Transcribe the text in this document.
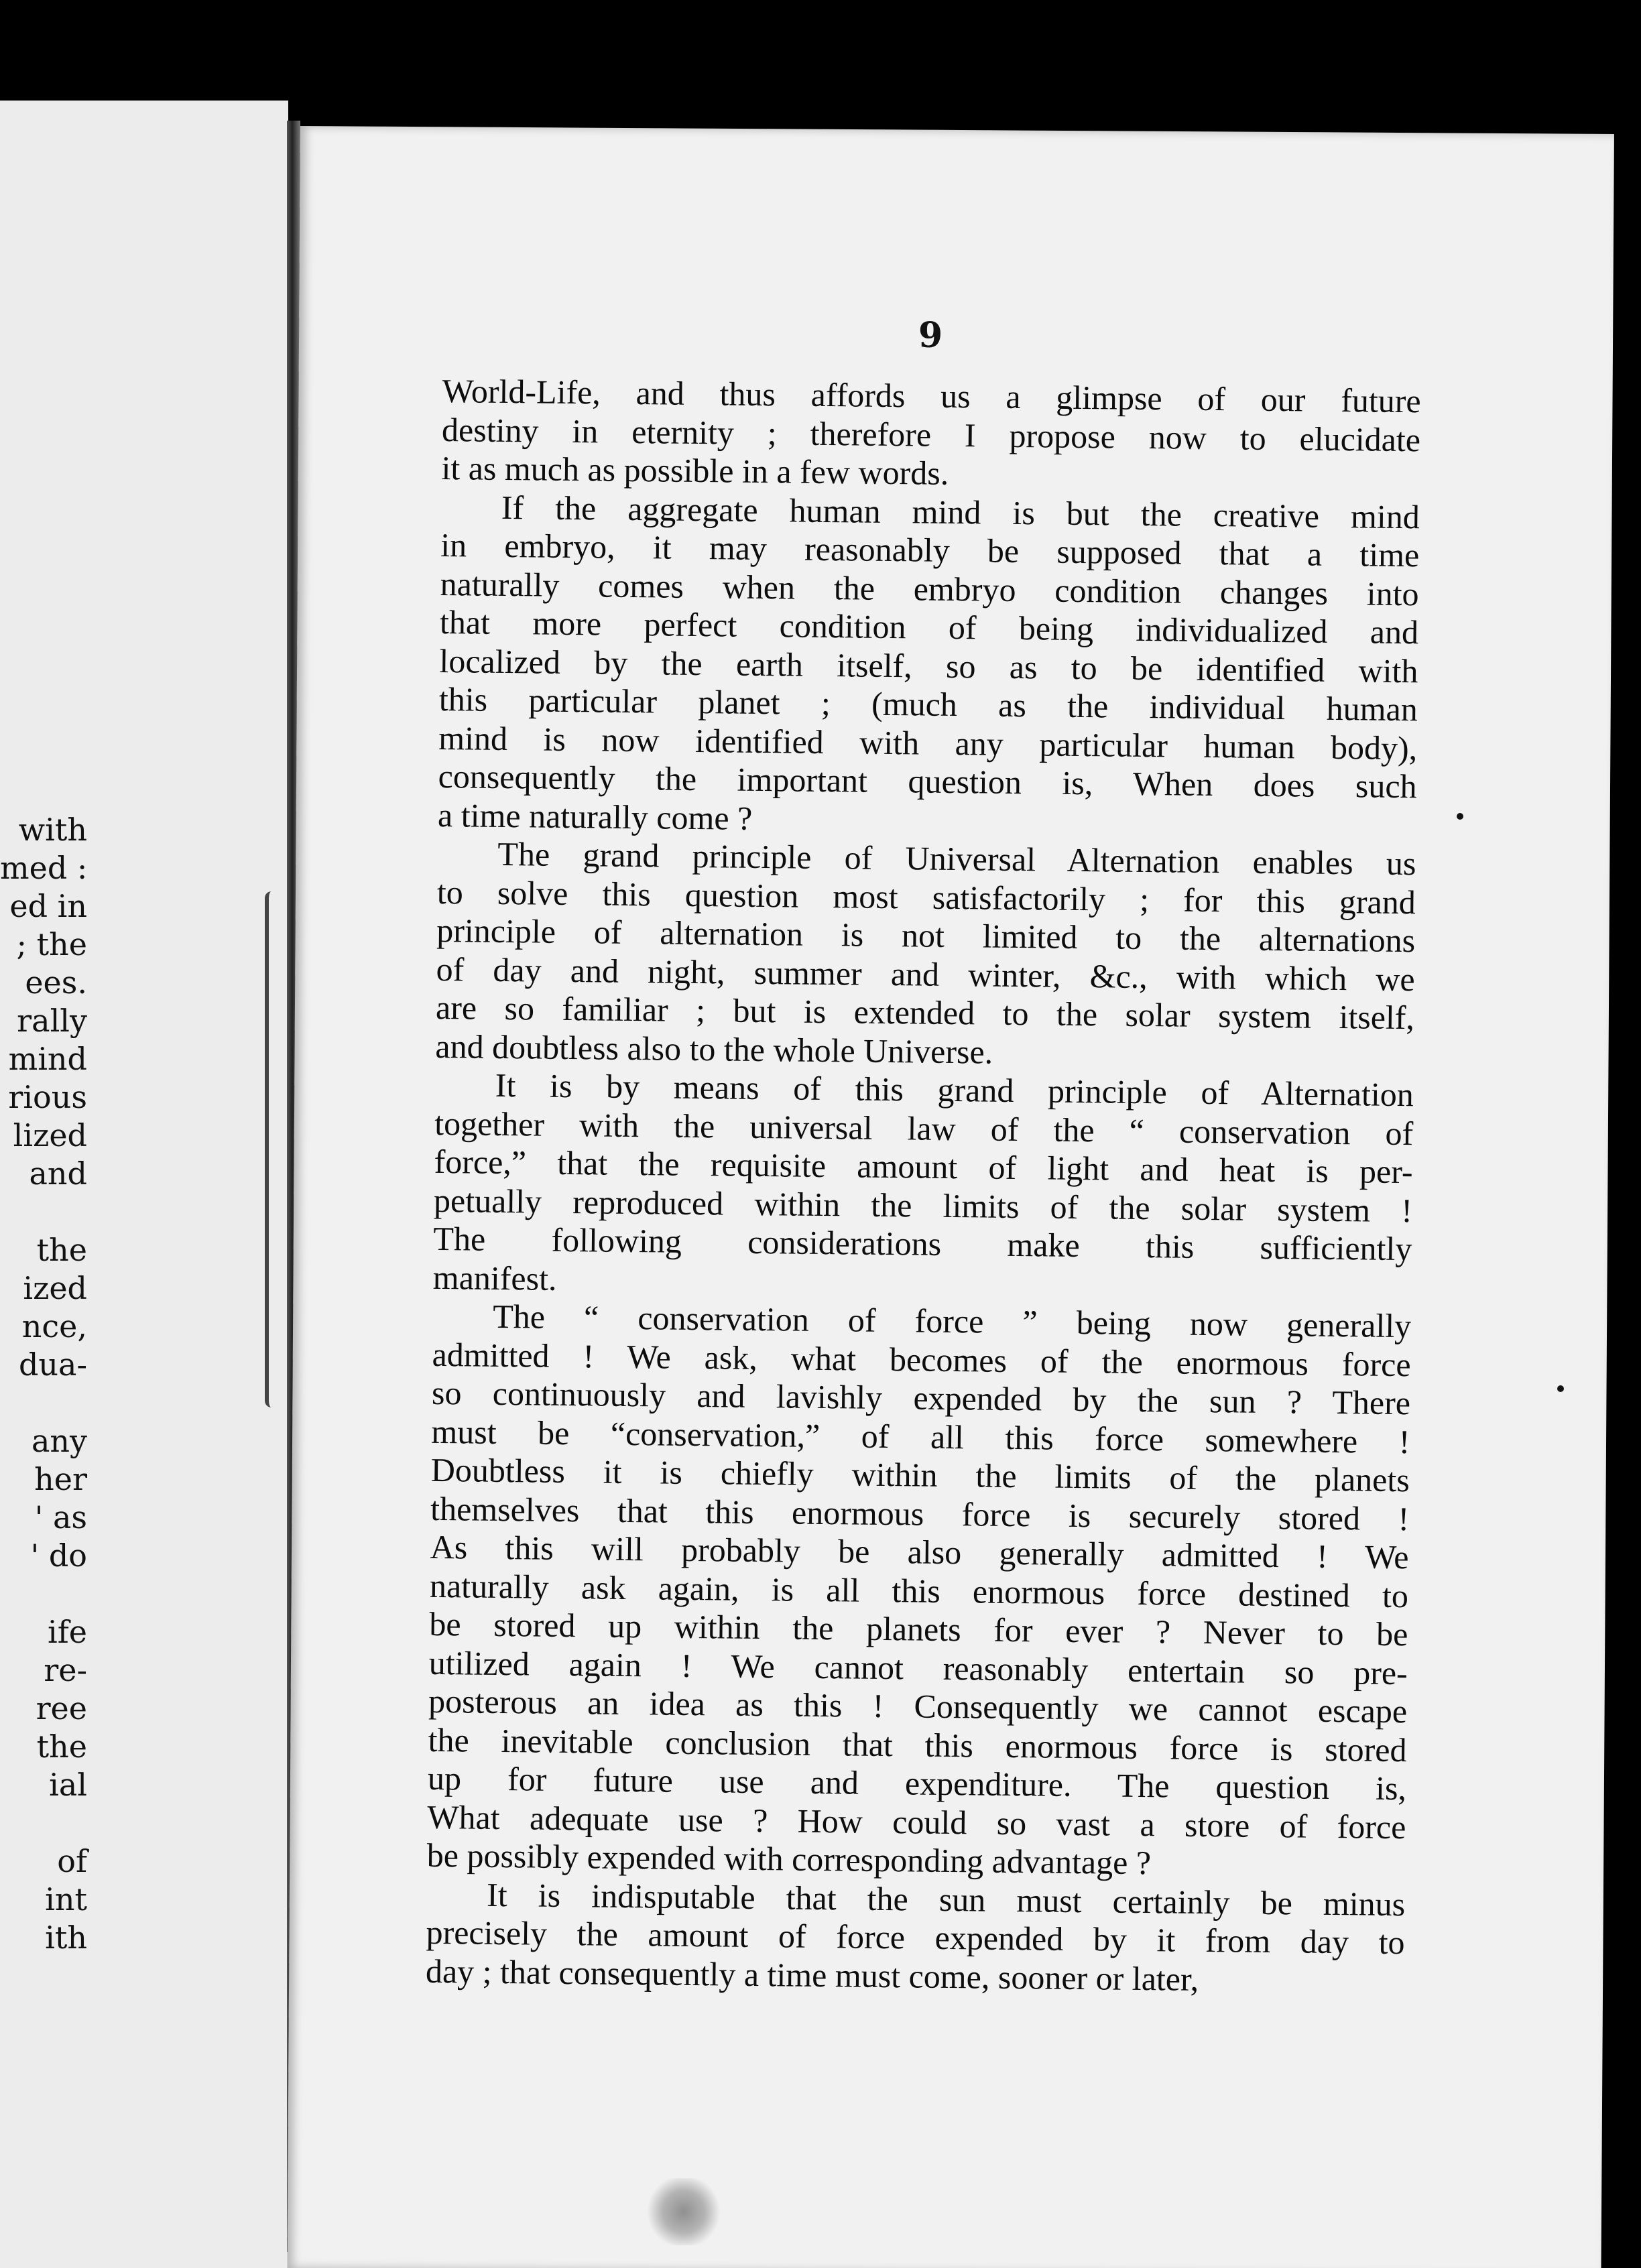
with
med :
ed in
; the
ees.
rally
mind
rious
lized
and

the
ized
nce,
dua-

any
her
' as
' do

ife
re-
ree
the
ial

of
int
ith
9
World-Life, and thus affords us a glimpse of our future
destiny in eternity ; therefore I propose now to elucidate
it as much as possible in a few words.
If the aggregate human mind is but the creative mind
in embryo, it may reasonably be supposed that a time
naturally comes when the embryo condition changes into
that more perfect condition of being individualized and
localized by the earth itself, so as to be identified with
this particular planet ; (much as the individual human
mind is now identified with any particular human body),
consequently the important question is, When does such
a time naturally come ?
The grand principle of Universal Alternation enables us
to solve this question most satisfactorily ; for this grand
principle of alternation is not limited to the alternations
of day and night, summer and winter, &c., with which we
are so familiar ; but is extended to the solar system itself,
and doubtless also to the whole Universe.
It is by means of this grand principle of Alternation
together with the universal law of the “ conservation of
force,” that the requisite amount of light and heat is per-
petually reproduced within the limits of the solar system !
The following considerations make this sufficiently
manifest.
The “ conservation of force ” being now generally
admitted ! We ask, what becomes of the enormous force
so continuously and lavishly expended by the sun ? There
must be “conservation,” of all this force somewhere !
Doubtless it is chiefly within the limits of the planets
themselves that this enormous force is securely stored !
As this will probably be also generally admitted ! We
naturally ask again, is all this enormous force destined to
be stored up within the planets for ever ? Never to be
utilized again ! We cannot reasonably entertain so pre-
posterous an idea as this ! Consequently we cannot escape
the inevitable conclusion that this enormous force is stored
up for future use and expenditure. The question is,
What adequate use ? How could so vast a store of force
be possibly expended with corresponding advantage ?
It is indisputable that the sun must certainly be minus
precisely the amount of force expended by it from day to
day ; that consequently a time must come, sooner or later,
